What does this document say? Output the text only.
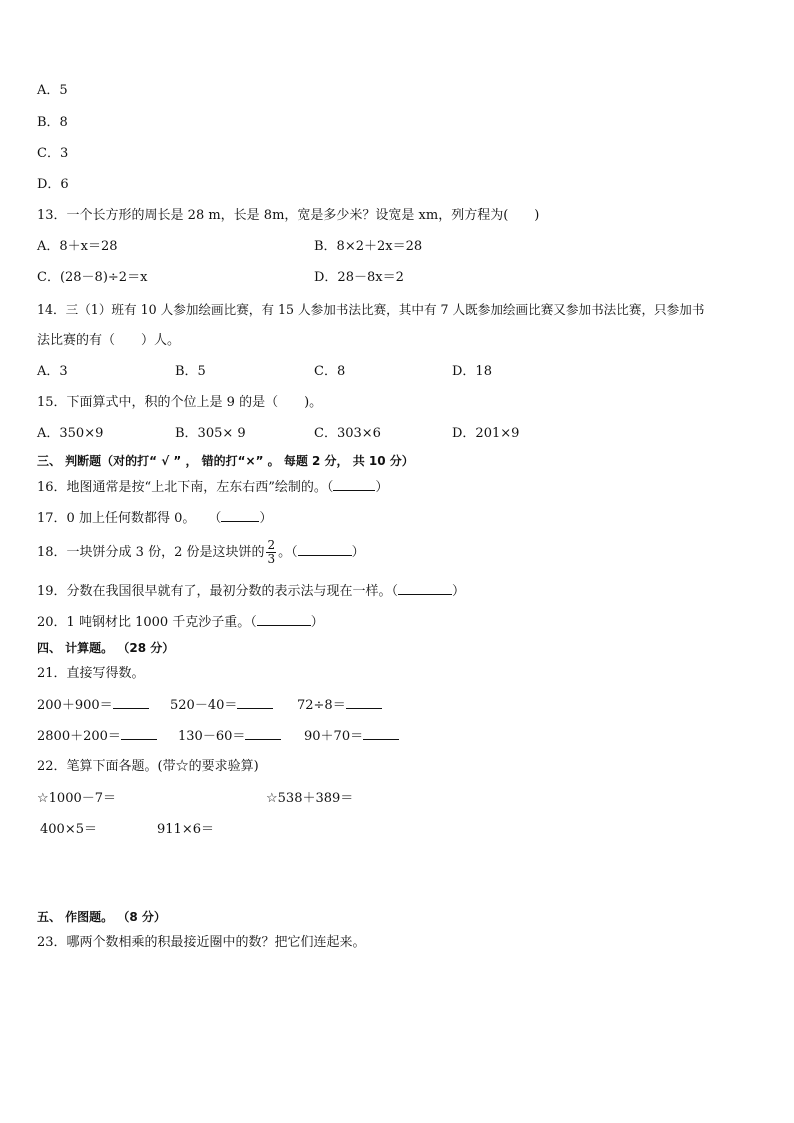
A．5
B．8
C．3
D．6
13．一个长方形的周长是 28 m，长是 8m，宽是多少米？设宽是 xm，列方程为(　　)
A．8＋x＝28	B．8×2＋2x＝28
C．(28－8)÷2＝x	D．28－8x＝2
14．三（1）班有 10 人参加绘画比赛，有 15 人参加书法比赛，其中有 7 人既参加绘画比赛又参加书法比赛，只参加书
法比赛的有（　　）人。
A．3	B．5	C．8	D．18
15．下面算式中，积的个位上是 9 的是（　　)。
A．350×9	B．305× 9	C．303×6	D．201×9
三、 判断题（对的打“ √ ” ， 错的打“×” 。 每题 2 分， 共 10 分）
16．地图通常是按“上北下南，左东右西”绘制的。（	）
17．0 加上任何数都得 0。　　（	）
18．一块饼分成 3 份，2 份是这块饼的 $\frac{2}{3}$ 。（	）
19．分数在我国很早就有了，最初分数的表示法与现在一样。（	）
20．1 吨钢材比 1000 千克沙子重。（	）
四、 计算题。 （28 分）
21．直接写得数。
200＋900＝	520－40＝	72÷8＝
2800＋200＝	130－60＝	90＋70＝
22．笔算下面各题。(带☆的要求验算)
☆1000－7＝	☆538＋389＝
400×5＝	911×6＝
五、 作图题。 （8 分）
23．哪两个数相乘的积最接近圈中的数？把它们连起来。
